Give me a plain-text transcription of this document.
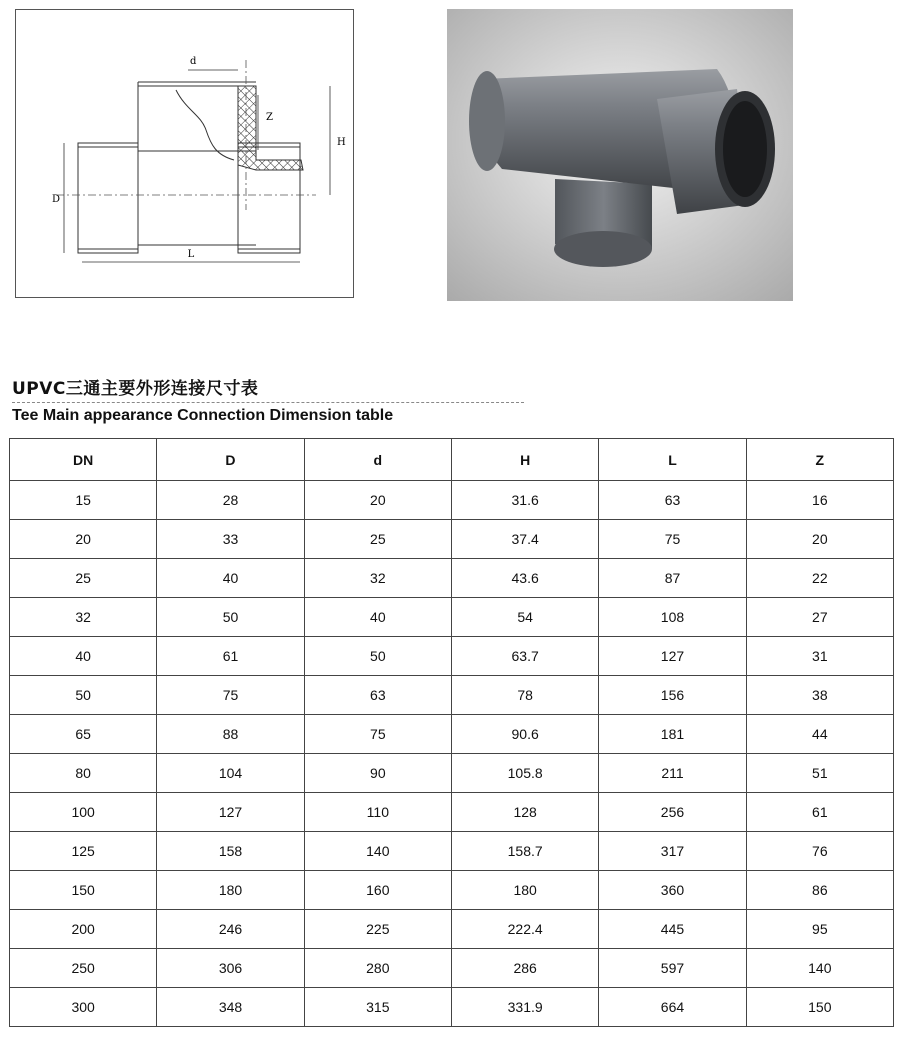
D
L
H
Z
d
UPVC三通主要外形连接尺寸表
Tee Main appearance Connection Dimension table
DN	D	d	H	L	Z
15	28	20	31.6	63	16
20	33	25	37.4	75	20
25	40	32	43.6	87	22
32	50	40	54	108	27
40	61	50	63.7	127	31
50	75	63	78	156	38
65	88	75	90.6	181	44
80	104	90	105.8	211	51
100	127	110	128	256	61
125	158	140	158.7	317	76
150	180	160	180	360	86
200	246	225	222.4	445	95
250	306	280	286	597	140
300	348	315	331.9	664	150
